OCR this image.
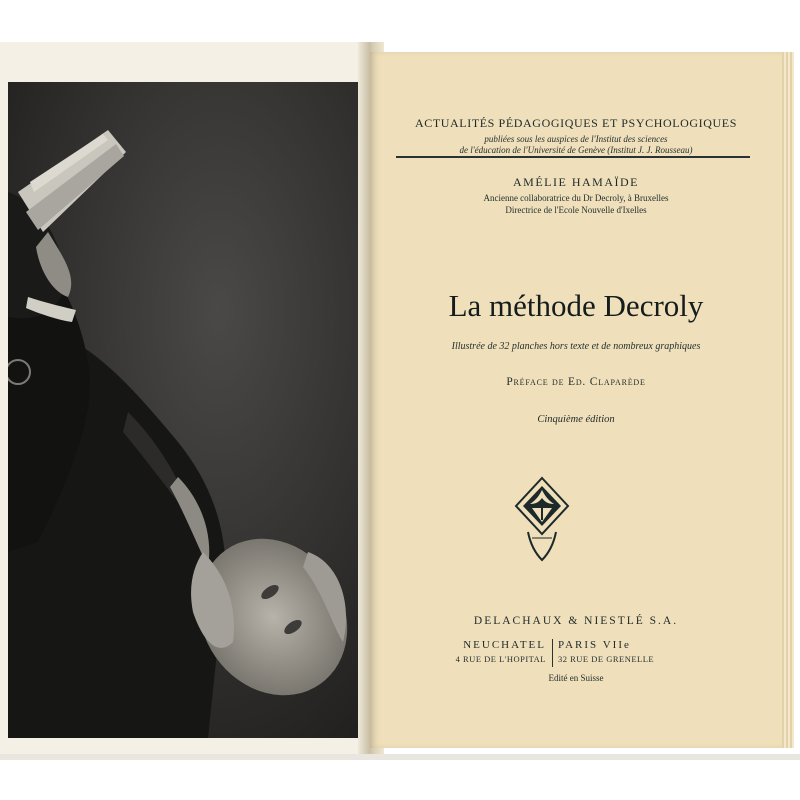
ACTUALITÉS PÉDAGOGIQUES ET PSYCHOLOGIQUES
publiées sous les auspices de l'Institut des sciences
de l'éducation de l'Université de Genève (Institut J. J. Rousseau)
AMÉLIE HAMAÏDE
Ancienne collaboratrice du Dr Decroly, à Bruxelles
Directrice de l'Ecole Nouvelle d'Ixelles
La méthode Decroly
Illustrée de 32 planches hors texte et de nombreux graphiques
Préface de Ed. Claparède
Cinquième édition
DELACHAUX & NIESTLÉ S.A.
NEUCHATEL
4 RUE DE L'HOPITAL
PARIS VIIe
32 RUE DE GRENELLE
Edité en Suisse
